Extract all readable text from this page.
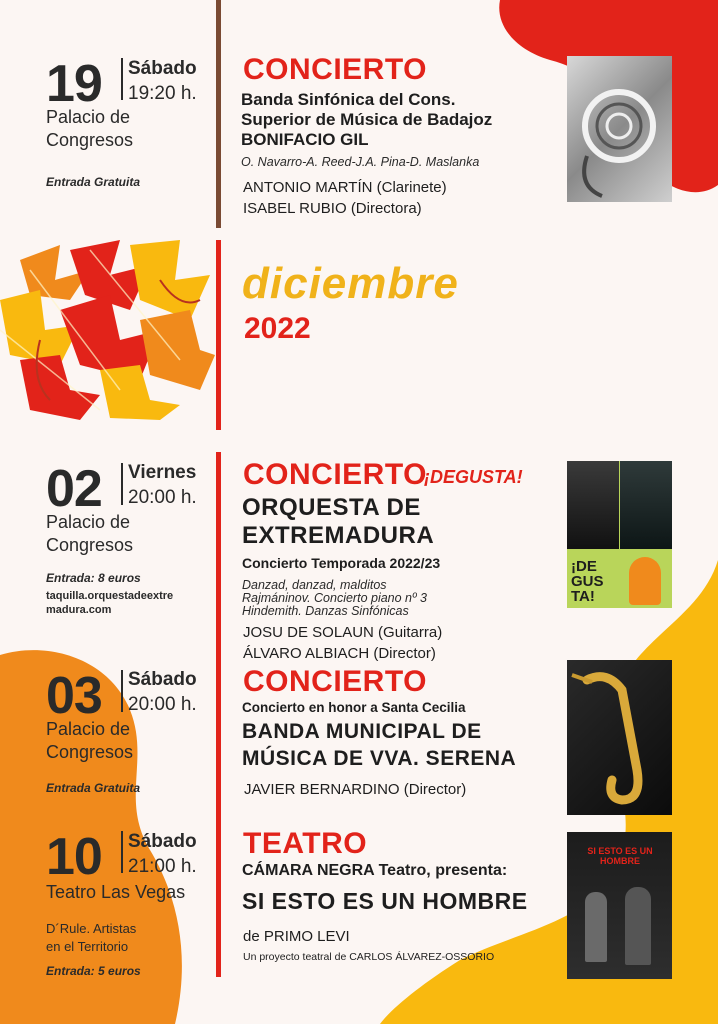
diciembre
2022
19 Sábado
19:20 h.
Palacio de
Congresos
Entrada Gratuita
CONCIERTO
Banda Sinfónica del Cons.
Superior de Música de Badajoz
BONIFACIO GIL
O. Navarro-A. Reed-J.A. Pina-D. Maslanka
ANTONIO MARTÍN (Clarinete)
ISABEL RUBIO (Directora)
02 Viernes
20:00 h.
Palacio de
Congresos
Entrada: 8 euros
taquilla.orquestadeextre
madura.com
CONCIERTO
¡DEGUSTA!
ORQUESTA DE
EXTREMADURA
Concierto Temporada 2022/23
Danzad, danzad, malditos
Rajmáninov. Concierto piano nº 3
Hindemith. Danzas Sinfónicas
JOSU DE SOLAUN (Guitarra)
ÁLVARO ALBIACH (Director)
¡DE GUS TA!
03 Sábado
20:00 h.
Palacio de
Congresos
Entrada Gratuita
CONCIERTO
Concierto en honor a Santa Cecilia
BANDA MUNICIPAL DE
MÚSICA DE VVA. SERENA
JAVIER BERNARDINO (Director)
10 Sábado
21:00 h.
Teatro Las Vegas
D´Rule. Artistas
en el Territorio
Entrada: 5 euros
TEATRO
CÁMARA NEGRA Teatro, presenta:
SI ESTO ES UN HOMBRE
de PRIMO LEVI
Un proyecto teatral de CARLOS ÁLVAREZ-OSSORIO
SI ESTO ES UN HOMBRE
